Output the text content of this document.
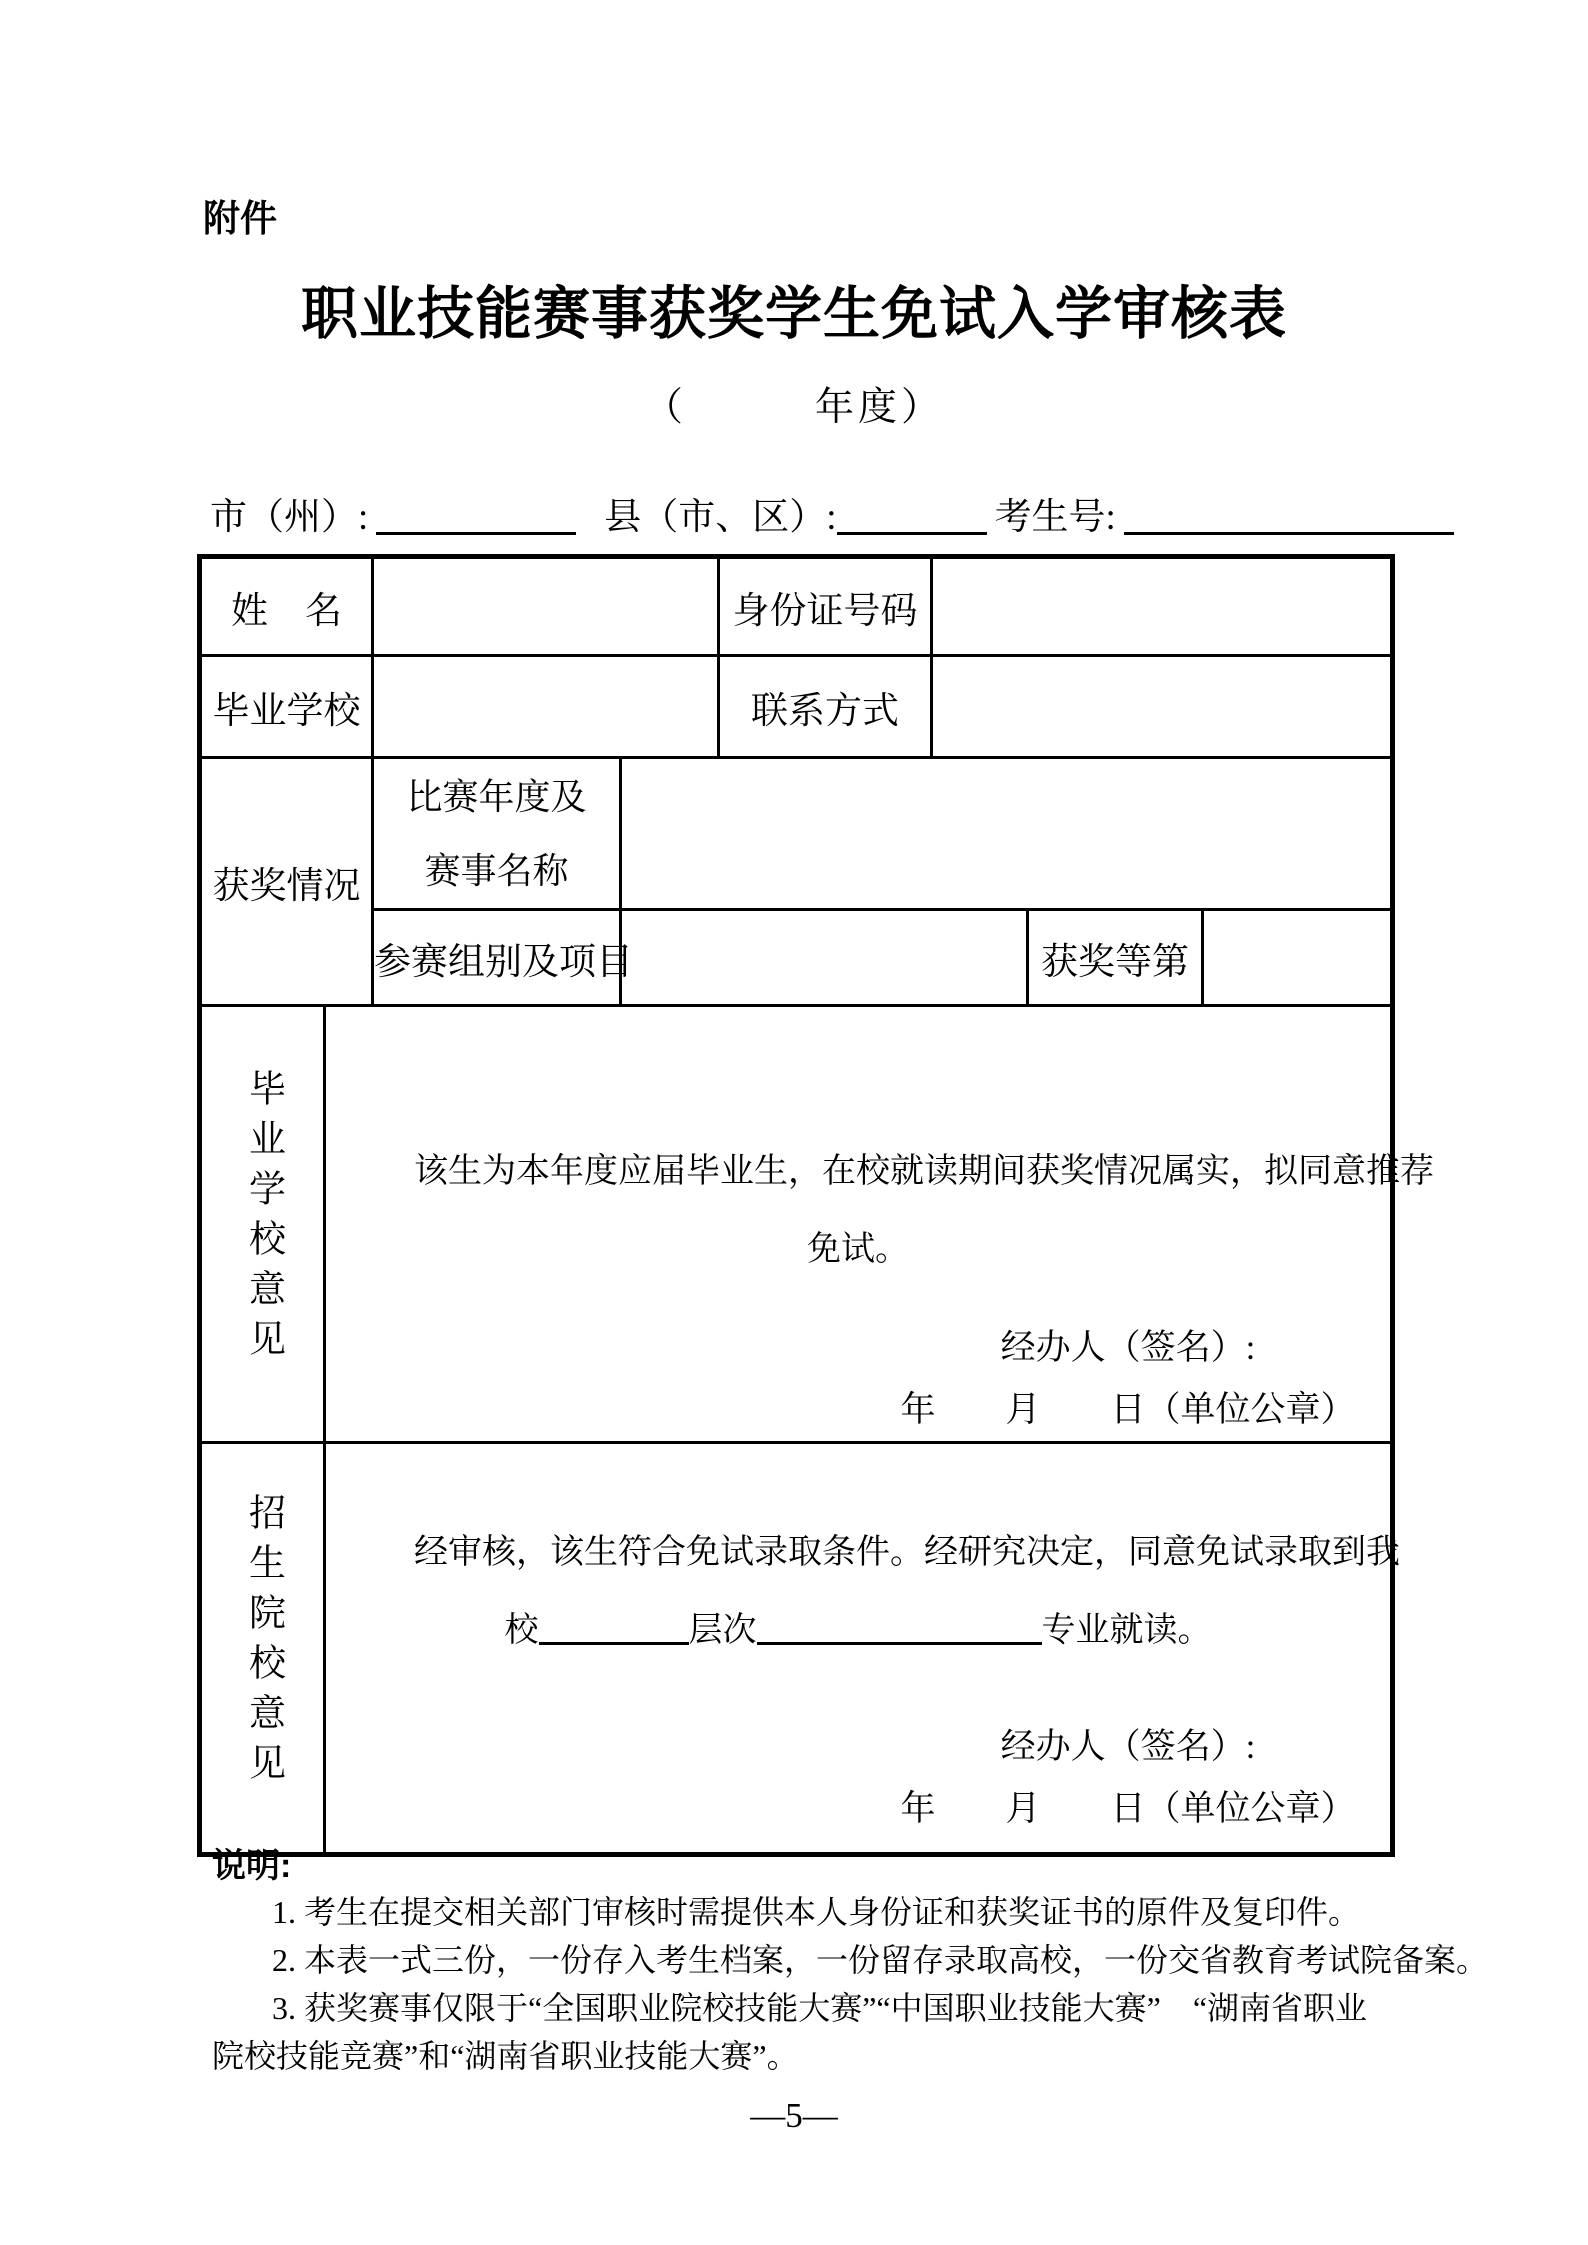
附件
职业技能赛事获奖学生免试入学审核表
（	年度）
市（州）:	县（市、区）:	考生号:
姓　名				身份证号码			
毕业学校				联系方式			
获奖情况		比赛年度及
赛事名称					

		参赛组别及项目				获奖等第	
毕业学校意见	该生为本年度应届毕业生，在校就读期间获奖情况属实，拟同意推荐
免试。
经办人（签名）:
年　　月　　日（单位公章）						

招生院校意见	经审核，该生符合免试录取条件。经研究决定，同意免试录取到我
校 层次 专业就读。
经办人（签名）:
年　　月　　日（单位公章）						
说明:
1. 考生在提交相关部门审核时需提供本人身份证和获奖证书的原件及复印件。
2. 本表一式三份，一份存入考生档案，一份留存录取高校，一份交省教育考试院备案。
3. 获奖赛事仅限于“全国职业院校技能大赛”“中国职业技能大赛”　“湖南省职业
院校技能竞赛”和“湖南省职业技能大赛”。
—5—
